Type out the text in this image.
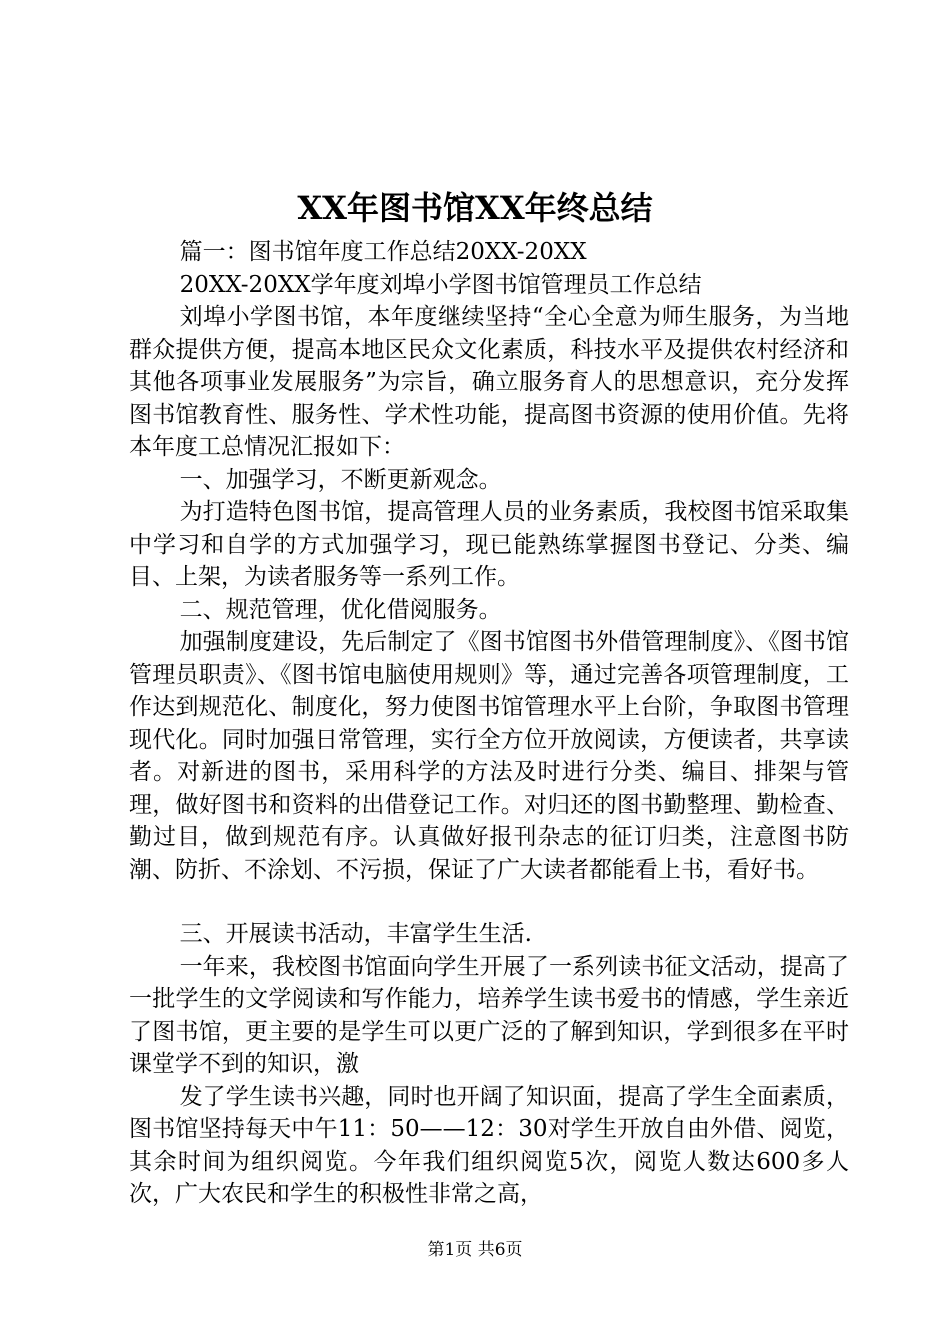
XX年图书馆XX年终总结

篇一：图书馆年度工作总结20XX-20XX

20XX-20XX学年度刘埠小学图书馆管理员工作总结

刘埠小学图书馆，本年度继续坚持“全心全意为师生服务，为当地群众提供方便，提高本地区民众文化素质，科技水平及提供农村经济和其他各项事业发展服务”为宗旨，确立服务育人的思想意识，充分发挥图书馆教育性、服务性、学术性功能，提高图书资源的使用价值。先将本年度工总情况汇报如下：

一、加强学习，不断更新观念。

为打造特色图书馆，提高管理人员的业务素质，我校图书馆采取集中学习和自学的方式加强学习，现已能熟练掌握图书登记、分类、编目、上架，为读者服务等一系列工作。

二、规范管理，优化借阅服务。

加强制度建设，先后制定了《图书馆图书外借管理制度》、《图书馆管理员职责》、《图书馆电脑使用规则》等，通过完善各项管理制度，工作达到规范化、制度化，努力使图书馆管理水平上台阶，争取图书管理现代化。同时加强日常管理，实行全方位开放阅读，方便读者，共享读者。对新进的图书，采用科学的方法及时进行分类、编目、排架与管理，做好图书和资料的出借登记工作。对归还的图书勤整理、勤检查、勤过目，做到规范有序。认真做好报刊杂志的征订归类，注意图书防潮、防折、不涂划、不污损，保证了广大读者都能看上书，看好书。

三、开展读书活动，丰富学生生活.

一年来，我校图书馆面向学生开展了一系列读书征文活动，提高了一批学生的文学阅读和写作能力，培养学生读书爱书的情感，学生亲近了图书馆，更主要的是学生可以更广泛的了解到知识，学到很多在平时课堂学不到的知识，激

发了学生读书兴趣，同时也开阔了知识面，提高了学生全面素质，图书馆坚持每天中午11：50——12：30对学生开放自由外借、阅览，其余时间为组织阅览。今年我们组织阅览5次，阅览人数达600多人次，广大农民和学生的积极性非常之高，

第1页 共6页
